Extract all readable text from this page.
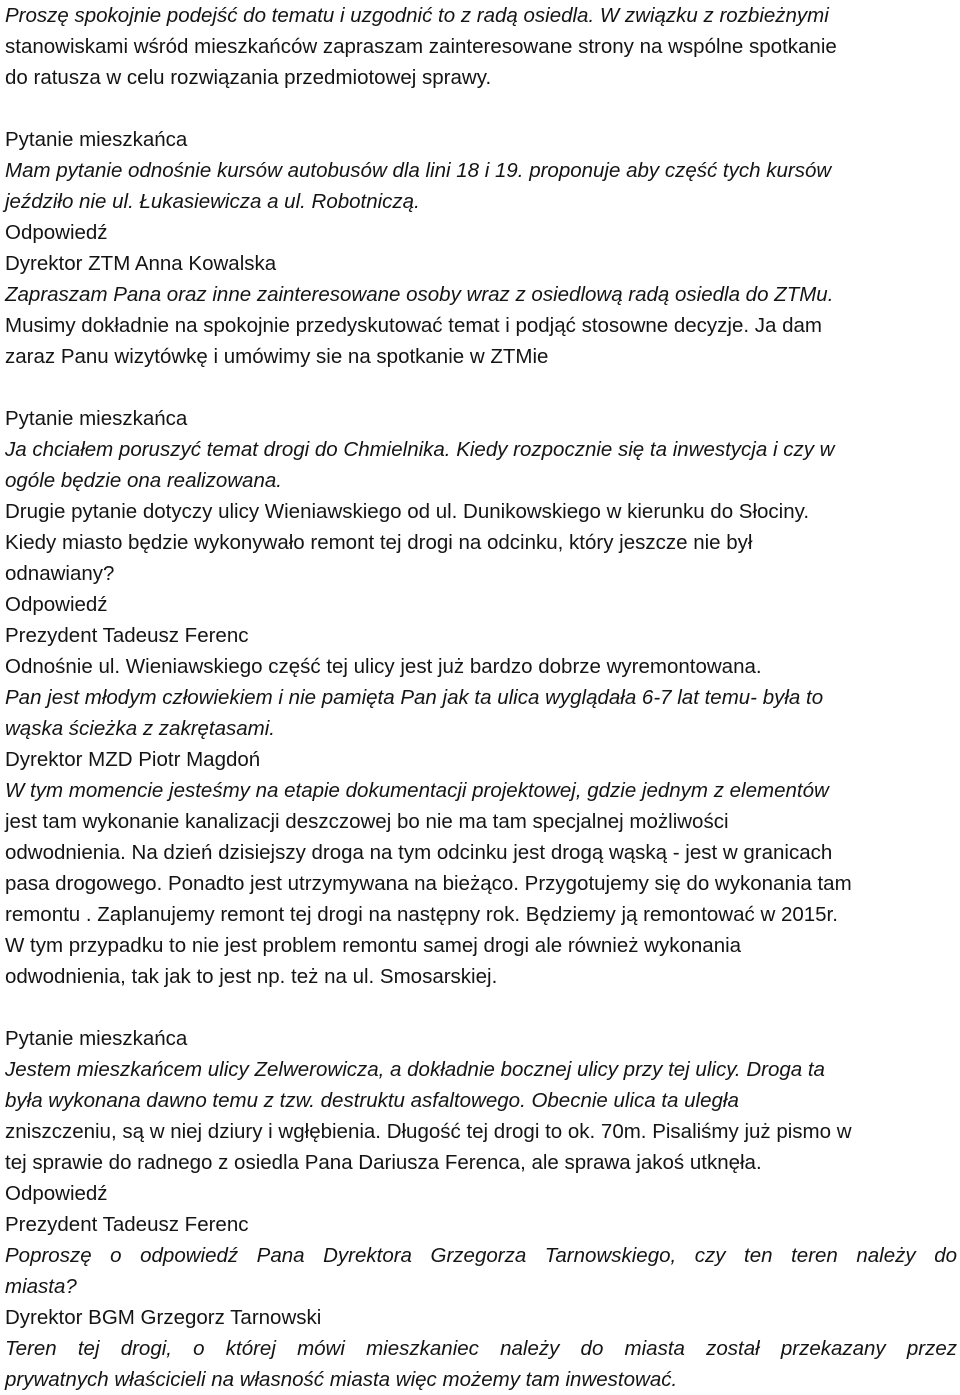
Proszę spokojnie podejść do tematu i uzgodnić to z radą osiedla. W związku z rozbieżnymi

stanowiskami wśród mieszkańców zapraszam zainteresowane strony na wspólne spotkanie

do ratusza w celu rozwiązania przedmiotowej sprawy.

Pytanie mieszkańca

Mam pytanie odnośnie kursów autobusów dla lini 18 i 19. proponuje aby część tych kursów

jeździło nie ul. Łukasiewicza a ul. Robotniczą.

Odpowiedź

Dyrektor ZTM Anna Kowalska

Zapraszam Pana oraz inne zainteresowane osoby wraz z osiedlową radą osiedla do ZTMu.

Musimy dokładnie na spokojnie przedyskutować temat i podjąć stosowne decyzje. Ja dam

zaraz Panu wizytówkę i umówimy sie na spotkanie w ZTMie

Pytanie mieszkańca

Ja chciałem poruszyć temat drogi do Chmielnika. Kiedy rozpocznie się ta inwestycja i czy w

ogóle będzie ona realizowana.

Drugie pytanie dotyczy ulicy Wieniawskiego od ul. Dunikowskiego w kierunku do Słociny.

Kiedy miasto będzie wykonywało remont tej drogi na odcinku, który jeszcze nie był

odnawiany?

Odpowiedź

Prezydent Tadeusz Ferenc

Odnośnie ul. Wieniawskiego część tej ulicy jest już bardzo dobrze wyremontowana.

Pan jest młodym człowiekiem i nie pamięta Pan jak ta ulica wyglądała 6-7 lat temu- była to

wąska ścieżka z zakrętasami.

Dyrektor MZD Piotr Magdoń

W tym momencie jesteśmy na etapie dokumentacji projektowej, gdzie jednym z elementów

jest tam wykonanie kanalizacji deszczowej bo nie ma tam specjalnej możliwości

odwodnienia. Na dzień dzisiejszy droga na tym odcinku jest drogą wąską - jest w granicach

pasa drogowego. Ponadto jest utrzymywana na bieżąco. Przygotujemy się do wykonania tam

remontu . Zaplanujemy remont tej drogi na następny rok. Będziemy ją remontować w 2015r.

W tym przypadku to nie jest problem remontu samej drogi ale również wykonania

odwodnienia, tak jak to jest np. też na ul. Smosarskiej.

Pytanie mieszkańca

Jestem mieszkańcem ulicy Zelwerowicza, a dokładnie bocznej ulicy przy tej ulicy. Droga ta

była wykonana dawno temu z tzw. destruktu asfaltowego. Obecnie ulica ta uległa

zniszczeniu, są w niej dziury i wgłębienia. Długość tej drogi to ok. 70m. Pisaliśmy już pismo w

tej sprawie do radnego z osiedla Pana Dariusza Ferenca, ale sprawa jakoś utknęła.

Odpowiedź

Prezydent Tadeusz Ferenc

Poproszę o odpowiedź Pana Dyrektora Grzegorza Tarnowskiego, czy ten teren należy do

miasta?

Dyrektor BGM Grzegorz Tarnowski

Teren tej drogi, o której mówi mieszkaniec należy do miasta został przekazany przez

prywatnych właścicieli na własność miasta więc możemy tam inwestować.
